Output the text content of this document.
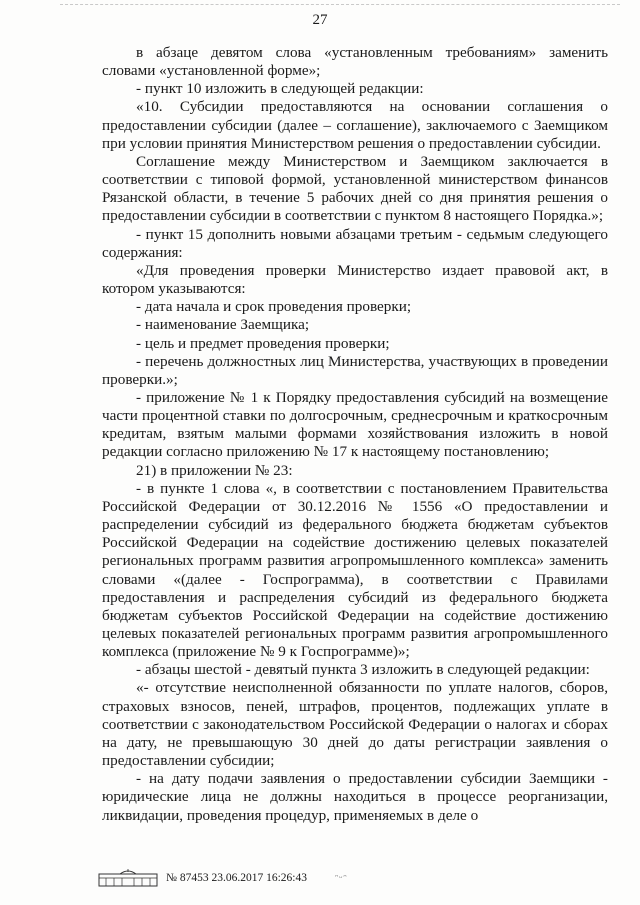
27

в абзаце девятом слова «установленным требованиям» заменить словами «установленной форме»;

- пункт 10 изложить в следующей редакции:

«10. Субсидии предоставляются на основании соглашения о предоставлении субсидии (далее – соглашение), заключаемого с Заемщиком при условии принятия Министерством решения о предоставлении субсидии.

Соглашение между Министерством и Заемщиком заключается в соответствии с типовой формой, установленной министерством финансов Рязанской области, в течение 5 рабочих дней со дня принятия решения о предоставлении субсидии в соответствии с пунктом 8 настоящего Порядка.»;

- пункт 15 дополнить новыми абзацами третьим - седьмым следующего содержания:

«Для проведения проверки Министерство издает правовой акт, в котором указываются:

- дата начала и срок проведения проверки;

- наименование Заемщика;

- цель и предмет проведения проверки;

- перечень должностных лиц Министерства, участвующих в проведении проверки.»;

- приложение № 1 к Порядку предоставления субсидий на возмещение части процентной ставки по долгосрочным, среднесрочным и краткосрочным кредитам, взятым малыми формами хозяйствования изложить в новой редакции согласно приложению № 17 к настоящему постановлению;

21) в приложении № 23:

- в пункте 1 слова «, в соответствии с постановлением Правительства Российской Федерации от 30.12.2016 № 1556 «О предоставлении и распределении субсидий из федерального бюджета бюджетам субъектов Российской Федерации на содействие достижению целевых показателей региональных программ развития агропромышленного комплекса» заменить словами «(далее - Госпрограмма), в соответствии с Правилами предоставления и распределения субсидий из федерального бюджета бюджетам субъектов Российской Федерации на содействие достижению целевых показателей региональных программ развития агропромышленного комплекса (приложение № 9 к Госпрограмме)»;

- абзацы шестой - девятый пункта 3 изложить в следующей редакции:

«- отсутствие неисполненной обязанности по уплате налогов, сборов, страховых взносов, пеней, штрафов, процентов, подлежащих уплате в соответствии с законодательством Российской Федерации о налогах и сборах на дату, не превышающую 30 дней до даты регистрации заявления о предоставлении субсидии;

- на дату подачи заявления о предоставлении субсидии Заемщики - юридические лица не должны находиться в процессе реорганизации, ликвидации, проведения процедур, применяемых в деле о

№ 87453
23.06.2017 16:26:43	ᵔᵕᵔ
